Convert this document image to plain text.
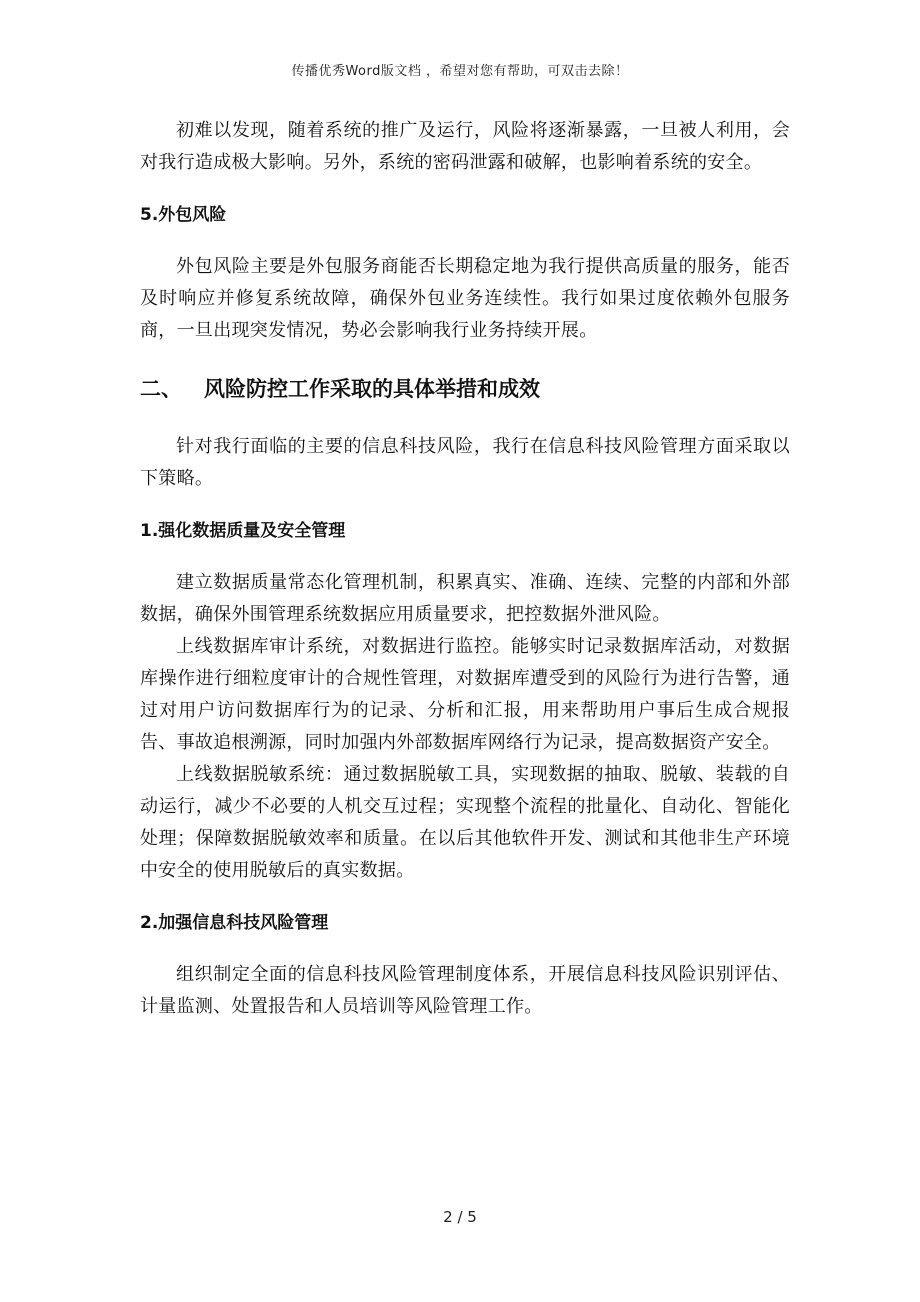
传播优秀Word版文档 ，希望对您有帮助，可双击去除！

初难以发现，随着系统的推广及运行，风险将逐渐暴露，一旦被人利用，会对我行造成极大影响。另外，系统的密码泄露和破解，也影响着系统的安全。

5.外包风险

外包风险主要是外包服务商能否长期稳定地为我行提供高质量的服务，能否及时响应并修复系统故障，确保外包业务连续性。我行如果过度依赖外包服务商，一旦出现突发情况，势必会影响我行业务持续开展。

二、	风险防控工作采取的具体举措和成效

针对我行面临的主要的信息科技风险，我行在信息科技风险管理方面采取以下策略。

1.强化数据质量及安全管理

建立数据质量常态化管理机制，积累真实、准确、连续、完整的内部和外部数据，确保外围管理系统数据应用质量要求，把控数据外泄风险。

上线数据库审计系统，对数据进行监控。能够实时记录数据库活动，对数据库操作进行细粒度审计的合规性管理，对数据库遭受到的风险行为进行告警，通过对用户访问数据库行为的记录、分析和汇报，用来帮助用户事后生成合规报告、事故追根溯源，同时加强内外部数据库网络行为记录，提高数据资产安全。

上线数据脱敏系统：通过数据脱敏工具，实现数据的抽取、脱敏、装载的自动运行，减少不必要的人机交互过程；实现整个流程的批量化、自动化、智能化处理；保障数据脱敏效率和质量。在以后其他软件开发、测试和其他非生产环境中安全的使用脱敏后的真实数据。

2.加强信息科技风险管理

组织制定全面的信息科技风险管理制度体系，开展信息科技风险识别评估、计量监测、处置报告和人员培训等风险管理工作。

2 / 5
